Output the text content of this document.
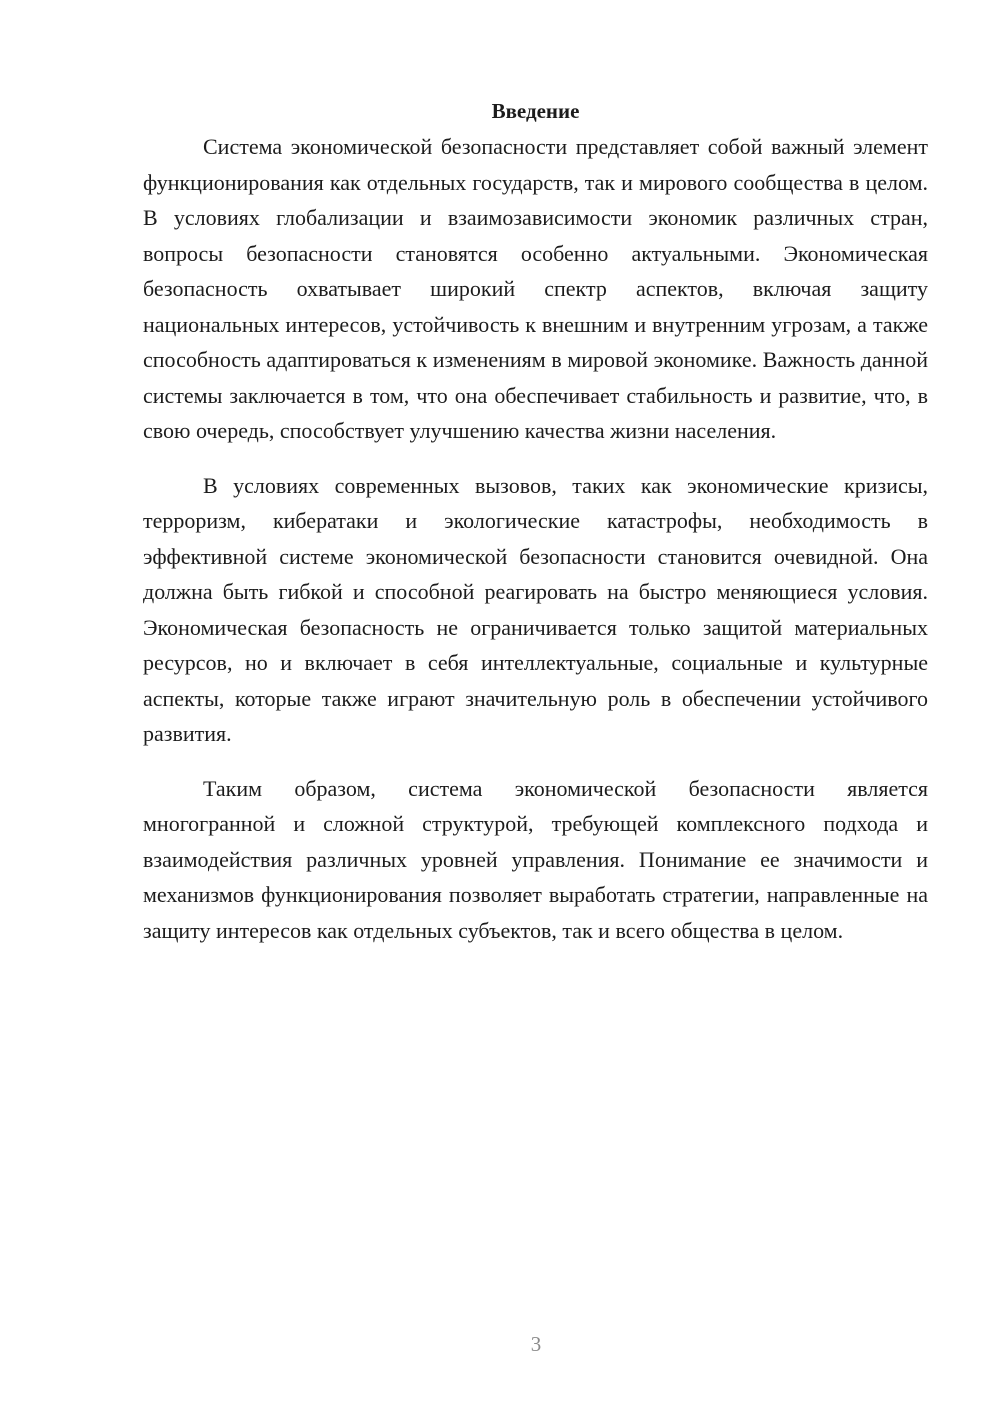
Введение

Система экономической безопасности представляет собой важный элемент функционирования как отдельных государств, так и мирового сообщества в целом. В условиях глобализации и взаимозависимости экономик различных стран, вопросы безопасности становятся особенно актуальными. Экономическая безопасность охватывает широкий спектр аспектов, включая защиту национальных интересов, устойчивость к внешним и внутренним угрозам, а также способность адаптироваться к изменениям в мировой экономике. Важность данной системы заключается в том, что она обеспечивает стабильность и развитие, что, в свою очередь, способствует улучшению качества жизни населения.

В условиях современных вызовов, таких как экономические кризисы, терроризм, кибератаки и экологические катастрофы, необходимость в эффективной системе экономической безопасности становится очевидной. Она должна быть гибкой и способной реагировать на быстро меняющиеся условия. Экономическая безопасность не ограничивается только защитой материальных ресурсов, но и включает в себя интеллектуальные, социальные и культурные аспекты, которые также играют значительную роль в обеспечении устойчивого развития.

Таким образом, система экономической безопасности является многогранной и сложной структурой, требующей комплексного подхода и взаимодействия различных уровней управления. Понимание ее значимости и механизмов функционирования позволяет выработать стратегии, направленные на защиту интересов как отдельных субъектов, так и всего общества в целом.

3
